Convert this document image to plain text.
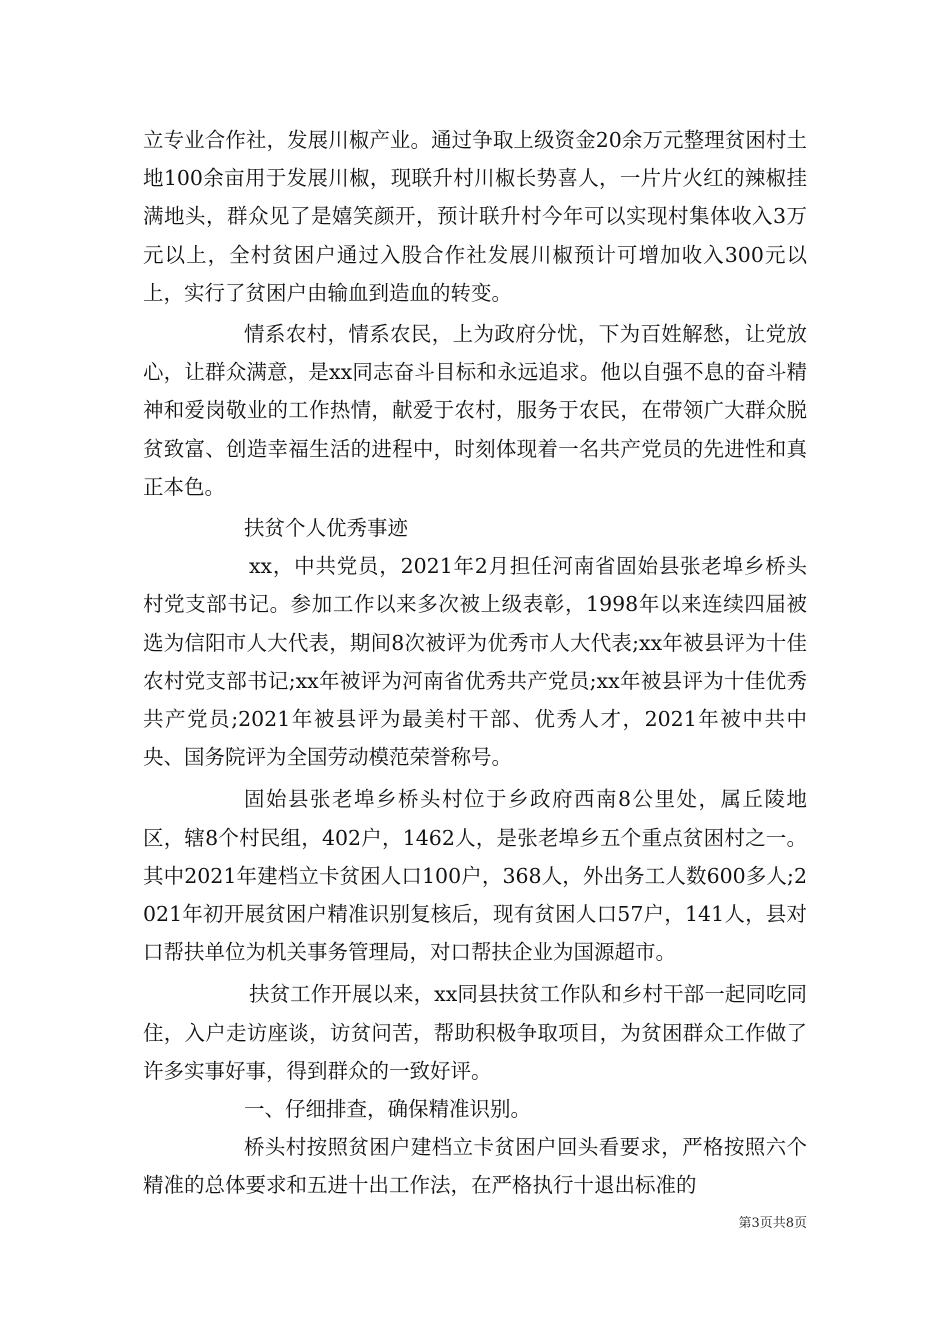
立专业合作社，发展川椒产业。通过争取上级资金20余万元整理贫困村土地100余亩用于发展川椒，现联升村川椒长势喜人，一片片火红的辣椒挂满地头，群众见了是嬉笑颜开，预计联升村今年可以实现村集体收入3万元以上，全村贫困户通过入股合作社发展川椒预计可增加收入300元以上，实行了贫困户由输血到造血的转变。

情系农村，情系农民，上为政府分忧，下为百姓解愁，让党放心，让群众满意，是xx同志奋斗目标和永远追求。他以自强不息的奋斗精神和爱岗敬业的工作热情，献爱于农村，服务于农民，在带领广大群众脱贫致富、创造幸福生活的进程中，时刻体现着一名共产党员的先进性和真正本色。

扶贫个人优秀事迹

xx，中共党员，2021年2月担任河南省固始县张老埠乡桥头村党支部书记。参加工作以来多次被上级表彰，1998年以来连续四届被选为信阳市人大代表，期间8次被评为优秀市人大代表;xx年被县评为十佳农村党支部书记;xx年被评为河南省优秀共产党员;xx年被县评为十佳优秀共产党员;2021年被县评为最美村干部、优秀人才，2021年被中共中央、国务院评为全国劳动模范荣誉称号。

固始县张老埠乡桥头村位于乡政府西南8公里处，属丘陵地区，辖8个村民组，402户，1462人，是张老埠乡五个重点贫困村之一。其中2021年建档立卡贫困人口100户，368人，外出务工人数600多人;2021年初开展贫困户精准识别复核后，现有贫困人口57户，141人，县对口帮扶单位为机关事务管理局，对口帮扶企业为国源超市。

扶贫工作开展以来，xx同县扶贫工作队和乡村干部一起同吃同住，入户走访座谈，访贫问苦，帮助积极争取项目，为贫困群众工作做了许多实事好事，得到群众的一致好评。

一、仔细排查，确保精准识别。

桥头村按照贫困户建档立卡贫困户回头看要求，严格按照六个精准的总体要求和五进十出工作法，在严格执行十退出标准的

第3页共8页
